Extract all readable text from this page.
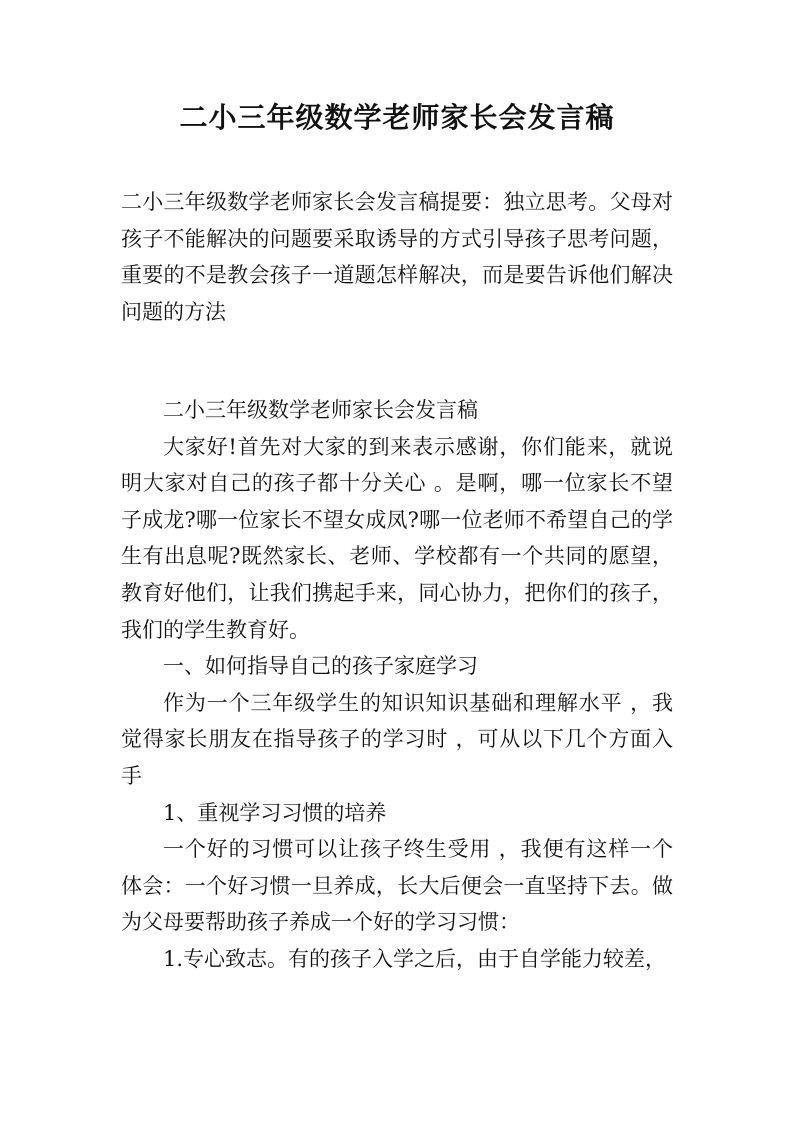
二小三年级数学老师家长会发言稿
二小三年级数学老师家长会发言稿提要：独立思考。父母对孩子不能解决的问题要采取诱导的方式引导孩子思考问题，重要的不是教会孩子一道题怎样解决，而是要告诉他们解决问题的方法

二小三年级数学老师家长会发言稿

大家好!首先对大家的到来表示感谢，你们能来，就说明大家对自己的孩子都十分关心 。是啊，哪一位家长不望子成龙?哪一位家长不望女成凤?哪一位老师不希望自己的学生有出息呢?既然家长、老师、学校都有一个共同的愿望，教育好他们，让我们携起手来，同心协力，把你们的孩子，我们的学生教育好。

一、如何指导自己的孩子家庭学习

作为一个三年级学生的知识知识基础和理解水平 ，我觉得家长朋友在指导孩子的学习时 ，可从以下几个方面入手

1、重视学习习惯的培养

一个好的习惯可以让孩子终生受用 ，我便有这样一个体会：一个好习惯一旦养成，长大后便会一直坚持下去。做为父母要帮助孩子养成一个好的学习习惯：

1.专心致志。有的孩子入学之后，由于自学能力较差，
